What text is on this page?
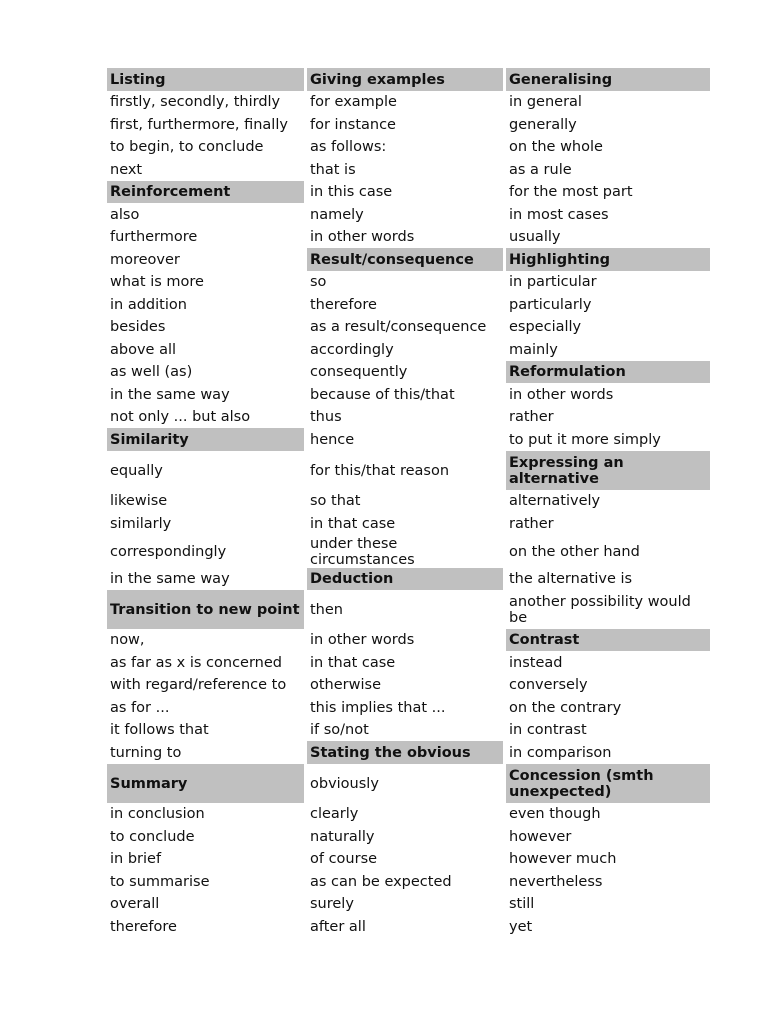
Listing	Giving examples	Generalising
firstly, secondly, thirdly	for example	in general
first, furthermore, finally	for instance	generally
to begin, to conclude	as follows:	on the whole
next	that is	as a rule
Reinforcement	in this case	for the most part
also	namely	in most cases
furthermore	in other words	usually
moreover	Result/consequence	Highlighting
what is more	so	in particular
in addition	therefore	particularly
besides	as a result/consequence	especially
above all	accordingly	mainly
as well (as)	consequently	Reformulation
in the same way	because of this/that	in other words
not only ... but also	thus	rather
Similarity	hence	to put it more simply
equally	for this/that reason	Expressing an alternative
likewise	so that	alternatively
similarly	in that case	rather
correspondingly	under these circumstances	on the other hand
in the same way	Deduction	the alternative is
Transition to new point	then	another possibility would be
now,	in other words	Contrast
as far as x is concerned	in that case	instead
with regard/reference to	otherwise	conversely
as for ...	this implies that ...	on the contrary
it follows that	if so/not	in contrast
turning to	Stating the obvious	in comparison
Summary	obviously	Concession (smth unexpected)
in conclusion	clearly	even though
to conclude	naturally	however
in brief	of course	however much
to summarise	as can be expected	nevertheless
overall	surely	still
therefore	after all	yet
